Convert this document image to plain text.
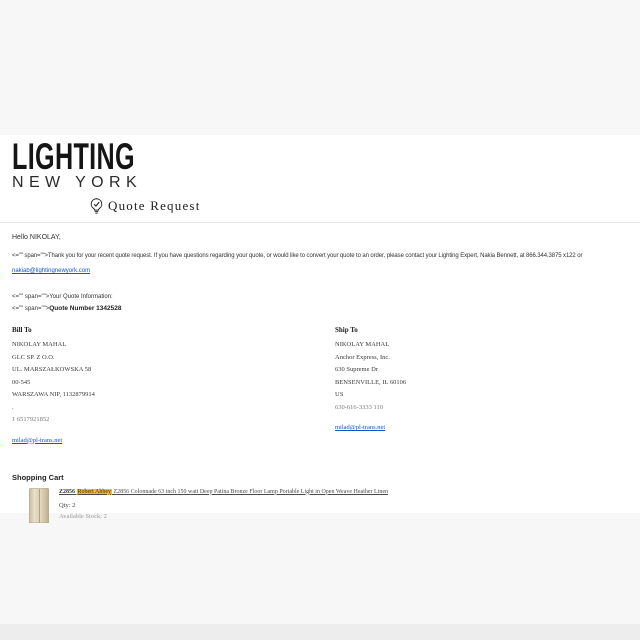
LIGHTING
NEW YORK
Quote Request
Hello NIKOLAY,
<="" span="">Thank you for your recent quote request. If you have questions regarding your quote, or would like to convert your quote to an order, please contact your Lighting Expert, Nakia Bennett, at 866.344.3875 x122 or
nakiab@lightingnewyork.com
<="" span="">Your Quote Information:
<="" span="">Quote Number 1342528
Bill To
NIKOLAY MAHAL
GLC SP. Z O.O.
UL. MARSZAŁKOWSKA 58
00-545
WARSZAWA NIP, 1132879914
.
1 6517921852
milad@pl-trans.net
Ship To
NIKOLAY MAHAL
Anchor Express, Inc.
630 Supreme Dr
BENSENVILLE, IL 60106
US
630-616-3333 110
milad@pl-trans.net
Shopping Cart
Z2856 Robert Abbey Z2856 Colonnade 63 inch 150 watt Deep Patina Bronze Floor Lamp Portable Light in Open Weave Heather Linen
Qty: 2
Available Stock: 2
